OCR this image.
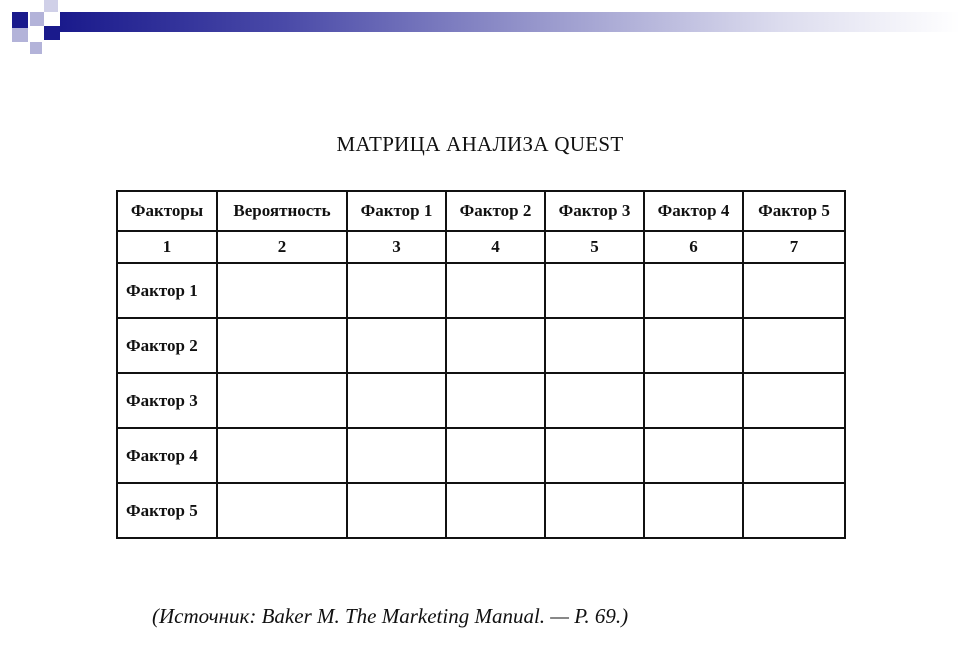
МАТРИЦА АНАЛИЗА QUEST
Факторы	Вероятность	Фактор 1	Фактор 2	Фактор 3	Фактор 4	Фактор 5
1	2	3	4	5	6	7
Фактор 1						
Фактор 2						
Фактор 3						
Фактор 4						
Фактор 5						
(Источник: Baker M. The Marketing Manual. — P. 69.)
